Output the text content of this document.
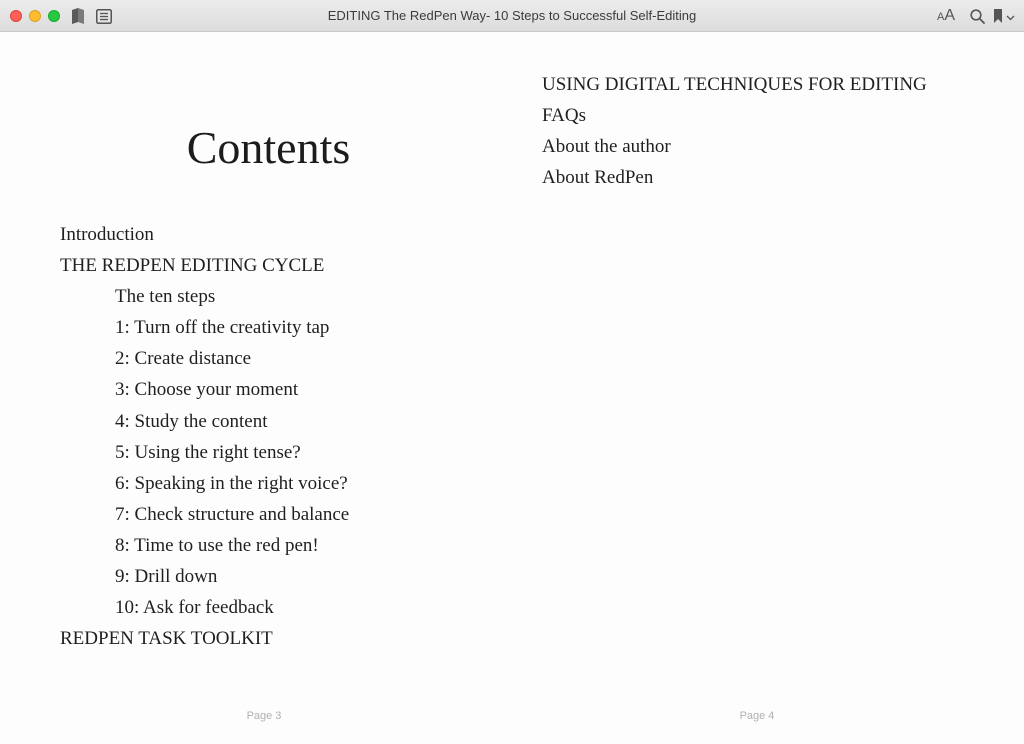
EDITING The RedPen Way- 10 Steps to Successful Self-Editing	AA
Contents
Introduction
THE REDPEN EDITING CYCLE
The ten steps
1: Turn off the creativity tap
2: Create distance
3: Choose your moment
4: Study the content
5: Using the right tense?
6: Speaking in the right voice?
7: Check structure and balance
8: Time to use the red pen!
9: Drill down
10: Ask for feedback
REDPEN TASK TOOLKIT
Page 3
USING DIGITAL TECHNIQUES FOR EDITING
FAQs
About the author
About RedPen
Page 4
